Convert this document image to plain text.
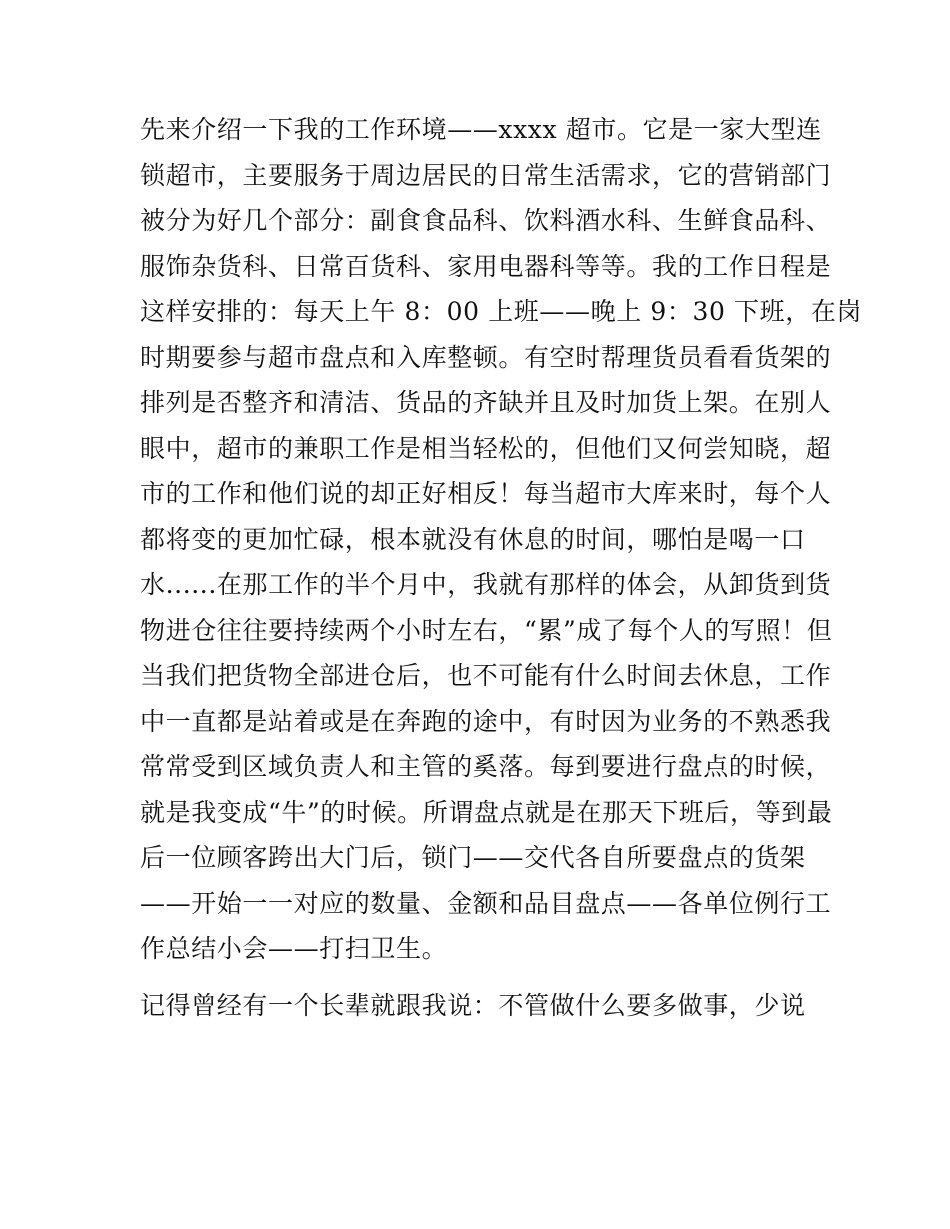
先来介绍一下我的工作环境——xxxx 超市。它是一家大型连
锁超市，主要服务于周边居民的日常生活需求，它的营销部门
被分为好几个部分：副食食品科、饮料酒水科、生鲜食品科、
服饰杂货科、日常百货科、家用电器科等等。我的工作日程是
这样安排的：每天上午 8：00 上班——晚上 9：30 下班，在岗
时期要参与超市盘点和入库整顿。有空时帮理货员看看货架的
排列是否整齐和清洁、货品的齐缺并且及时加货上架。在别人
眼中，超市的兼职工作是相当轻松的，但他们又何尝知晓，超
市的工作和他们说的却正好相反！每当超市大库来时，每个人
都将变的更加忙碌，根本就没有休息的时间，哪怕是喝一口
水......在那工作的半个月中，我就有那样的体会，从卸货到货
物进仓往往要持续两个小时左右，“累”成了每个人的写照！但
当我们把货物全部进仓后，也不可能有什么时间去休息，工作
中一直都是站着或是在奔跑的途中，有时因为业务的不熟悉我
常常受到区域负责人和主管的奚落。每到要进行盘点的时候，
就是我变成“牛”的时候。所谓盘点就是在那天下班后，等到最
后一位顾客跨出大门后，锁门——交代各自所要盘点的货架
——开始一一对应的数量、金额和品目盘点——各单位例行工
作总结小会——打扫卫生。
记得曾经有一个长辈就跟我说：不管做什么要多做事，少说
